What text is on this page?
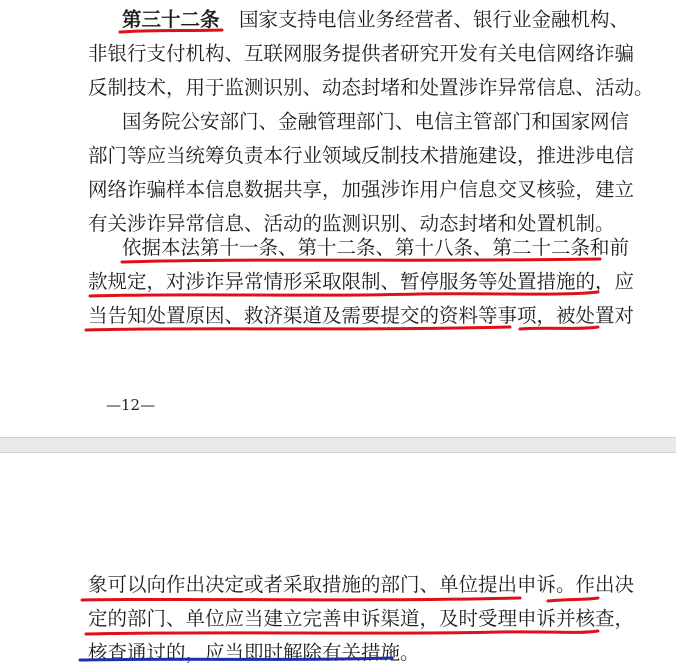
第三十二条　 国家支持电信业务经营者、银行业金融机构、
非银行支付机构、互联网服务提供者研究开发有关电信网络诈骗
反制技术，用于监测识别、动态封堵和处置涉诈异常信息、活动。
国务院公安部门、金融管理部门、电信主管部门和国家网信
部门等应当统筹负责本行业领域反制技术措施建设，推进涉电信
网络诈骗样本信息数据共享，加强涉诈用户信息交叉核验，建立
有关涉诈异常信息、活动的监测识别、动态封堵和处置机制。
依据本法第十一条、第十二条、第十八条、第二十二条和前
款规定，对涉诈异常情形采取限制、暂停服务等处置措施的，应
当告知处置原因、救济渠道及需要提交的资料等事项，被处置对
—12—
象可以向作出决定或者采取措施的部门、单位提出申诉。作出决
定的部门、单位应当建立完善申诉渠道，及时受理申诉并核查，
核查通过的，应当即时解除有关措施。
